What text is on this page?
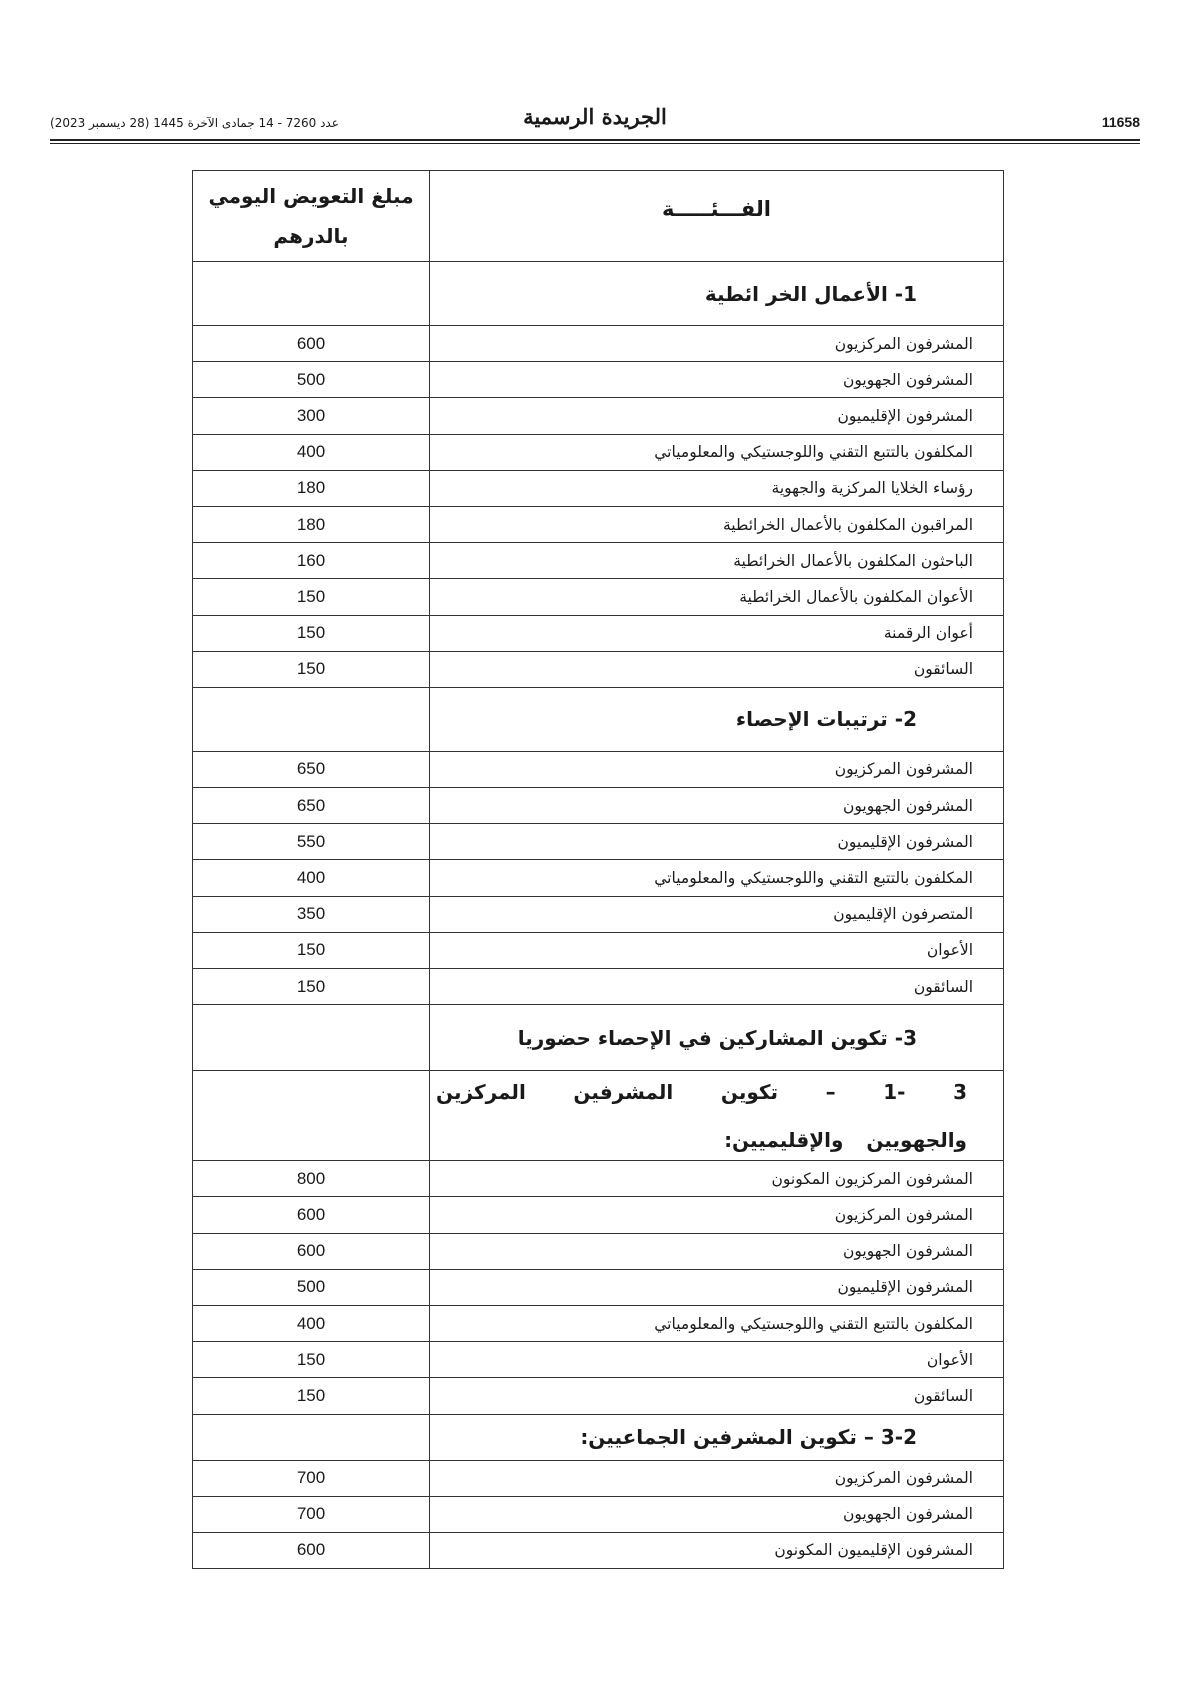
11658
الجريدة الرسمية
عدد 7260 - 14 جمادى الآخرة 1445 (28 ديسمبر 2023)
مبلغ التعويض اليومي
بالدرهم
الفـــئـــــة
1- الأعمال الخر ائطية
600	المشرفون المركزيون
500	المشرفون الجهويون
300	المشرفون الإقليميون
400	المكلفون بالتتبع التقني واللوجستيكي والمعلومياتي
180	رؤساء الخلايا المركزية والجهوية
180	المراقبون المكلفون بالأعمال الخرائطية
160	الباحثون المكلفون بالأعمال الخرائطية
150	الأعوان المكلفون بالأعمال الخرائطية
150	أعوان الرقمنة
150	السائقون
2- ترتيبات الإحصاء
650	المشرفون المركزيون
650	المشرفون الجهويون
550	المشرفون الإقليميون
400	المكلفون بالتتبع التقني واللوجستيكي والمعلومياتي
350	المتصرفون الإقليميون
150	الأعوان
150	السائقون
3- تكوين المشاركين في الإحصاء حضوريا
3 -1 – تكوين المشرفين المركزين والجهويين والإقليميين:
800	المشرفون المركزيون المكونون
600	المشرفون المركزيون
600	المشرفون الجهويون
500	المشرفون الإقليميون
400	المكلفون بالتتبع التقني واللوجستيكي والمعلومياتي
150	الأعوان
150	السائقون
3-2 – تكوين المشرفين الجماعيين:
700	المشرفون المركزيون
700	المشرفون الجهويون
600	المشرفون الإقليميون المكونون
